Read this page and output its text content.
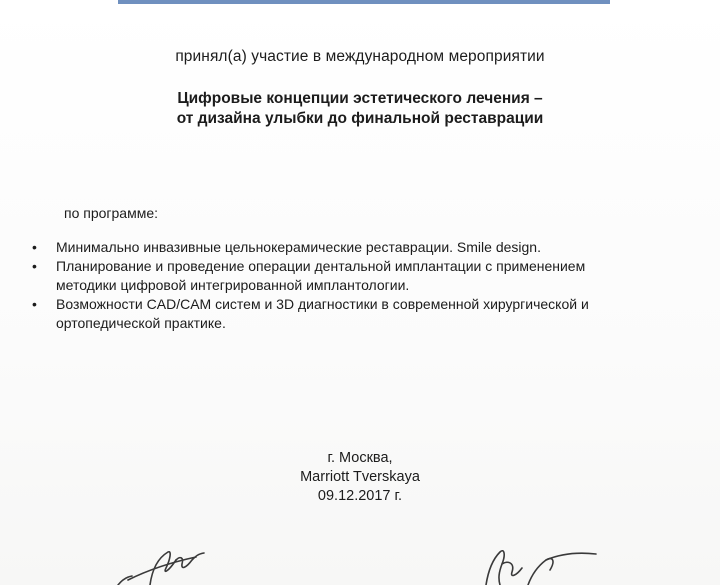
принял(а) участие в международном мероприятии
Цифровые концепции эстетического лечения –
от дизайна улыбки до финальной реставрации
по программе:
• Минимально инвазивные цельнокерамические реставрации. Smile design.
• Планирование и проведение операции дентальной имплантации с применением
методики цифровой интегрированной имплантологии.
• Возможности CAD/CAM систем и 3D диагностики в современной хирургической и
ортопедической практике.
г. Москва,
Marriott Tverskaya
09.12.2017 г.
